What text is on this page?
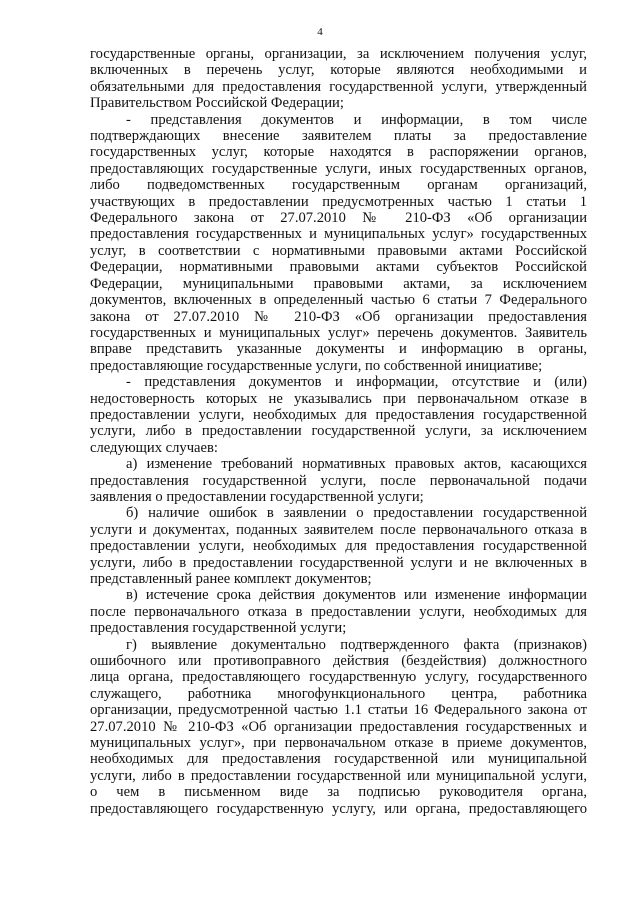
4
государственные органы, организации, за исключением получения услуг,
включенных в перечень услуг, которые являются необходимыми и
обязательными для предоставления государственной услуги, утвержденный
Правительством Российской Федерации;
- представления документов и информации, в том числе
подтверждающих внесение заявителем платы за предоставление
государственных услуг, которые находятся в распоряжении органов,
предоставляющих государственные услуги, иных государственных органов,
либо подведомственных государственным органам организаций,
участвующих в предоставлении предусмотренных частью 1 статьи 1
Федерального закона от 27.07.2010 № 210-ФЗ «Об организации
предоставления государственных и муниципальных услуг» государственных
услуг, в соответствии с нормативными правовыми актами Российской
Федерации, нормативными правовыми актами субъектов Российской
Федерации, муниципальными правовыми актами, за исключением
документов, включенных в определенный частью 6 статьи 7 Федерального
закона от 27.07.2010 № 210-ФЗ «Об организации предоставления
государственных и муниципальных услуг» перечень документов. Заявитель
вправе представить указанные документы и информацию в органы,
предоставляющие государственные услуги, по собственной инициативе;
- представления документов и информации, отсутствие и (или)
недостоверность которых не указывались при первоначальном отказе в
предоставлении услуги, необходимых для предоставления государственной
услуги, либо в предоставлении государственной услуги, за исключением
следующих случаев:
а) изменение требований нормативных правовых актов, касающихся
предоставления государственной услуги, после первоначальной подачи
заявления о предоставлении государственной услуги;
б) наличие ошибок в заявлении о предоставлении государственной
услуги и документах, поданных заявителем после первоначального отказа в
предоставлении услуги, необходимых для предоставления государственной
услуги, либо в предоставлении государственной услуги и не включенных в
представленный ранее комплект документов;
в) истечение срока действия документов или изменение информации
после первоначального отказа в предоставлении услуги, необходимых для
предоставления государственной услуги;
г) выявление документально подтвержденного факта (признаков)
ошибочного или противоправного действия (бездействия) должностного
лица органа, предоставляющего государственную услугу, государственного
служащего, работника многофункционального центра, работника
организации, предусмотренной частью 1.1 статьи 16 Федерального закона от
27.07.2010 № 210-ФЗ «Об организации предоставления государственных и
муниципальных услуг», при первоначальном отказе в приеме документов,
необходимых для предоставления государственной или муниципальной
услуги, либо в предоставлении государственной или муниципальной услуги,
о чем в письменном виде за подписью руководителя органа,
предоставляющего государственную услугу, или органа, предоставляющего
